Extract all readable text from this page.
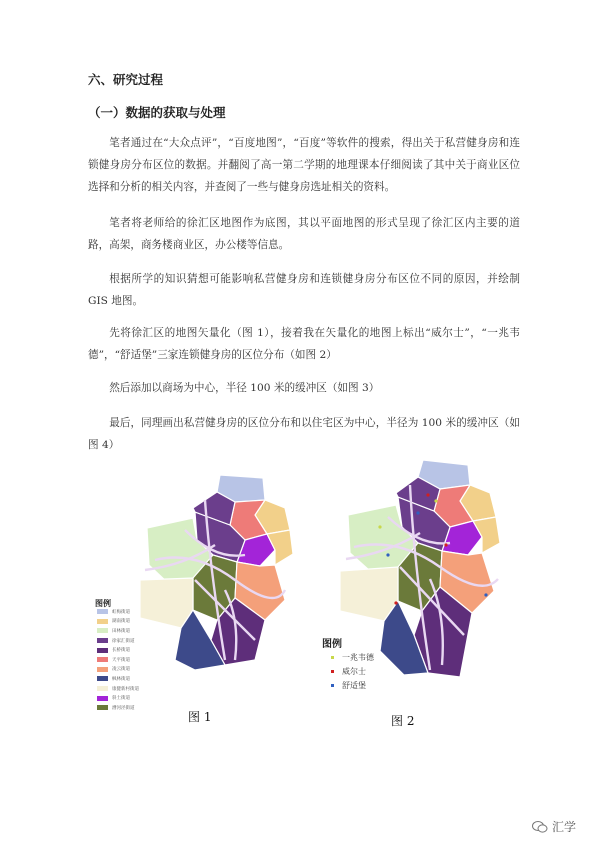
六、研究过程
（一）数据的获取与处理
笔者通过在“大众点评”，“百度地图”，“百度”等软件的搜索，得出关于私营健身房和连锁健身房分布区位的数据。并翻阅了高一第二学期的地理课本仔细阅读了其中关于商业区位选择和分析的相关内容，并查阅了一些与健身房选址相关的资料。
笔者将老师给的徐汇区地图作为底图，其以平面地图的形式呈现了徐汇区内主要的道路，高架，商务楼商业区，办公楼等信息。
根据所学的知识猜想可能影响私营健身房和连锁健身房分布区位不同的原因，并绘制GIS 地图。
先将徐汇区的地图矢量化（图 1），接着我在矢量化的地图上标出“威尔士”，“一兆韦德”，“舒适堡”三家连锁健身房的区位分布（如图 2）
然后添加以商场为中心，半径 100 米的缓冲区（如图 3）
最后，同理画出私营健身房的区位分布和以住宅区为中心，半径为 100 米的缓冲区（如图 4）
图例
虹梅街道
湖南街道
田林街道
徐家汇街道
长桥街道
天平街道
凌云街道
枫林街道
康健新村街道
斜土街道
漕河泾街道
图例
一兆韦德
威尔士
舒适堡
图 1	图 2
汇学
